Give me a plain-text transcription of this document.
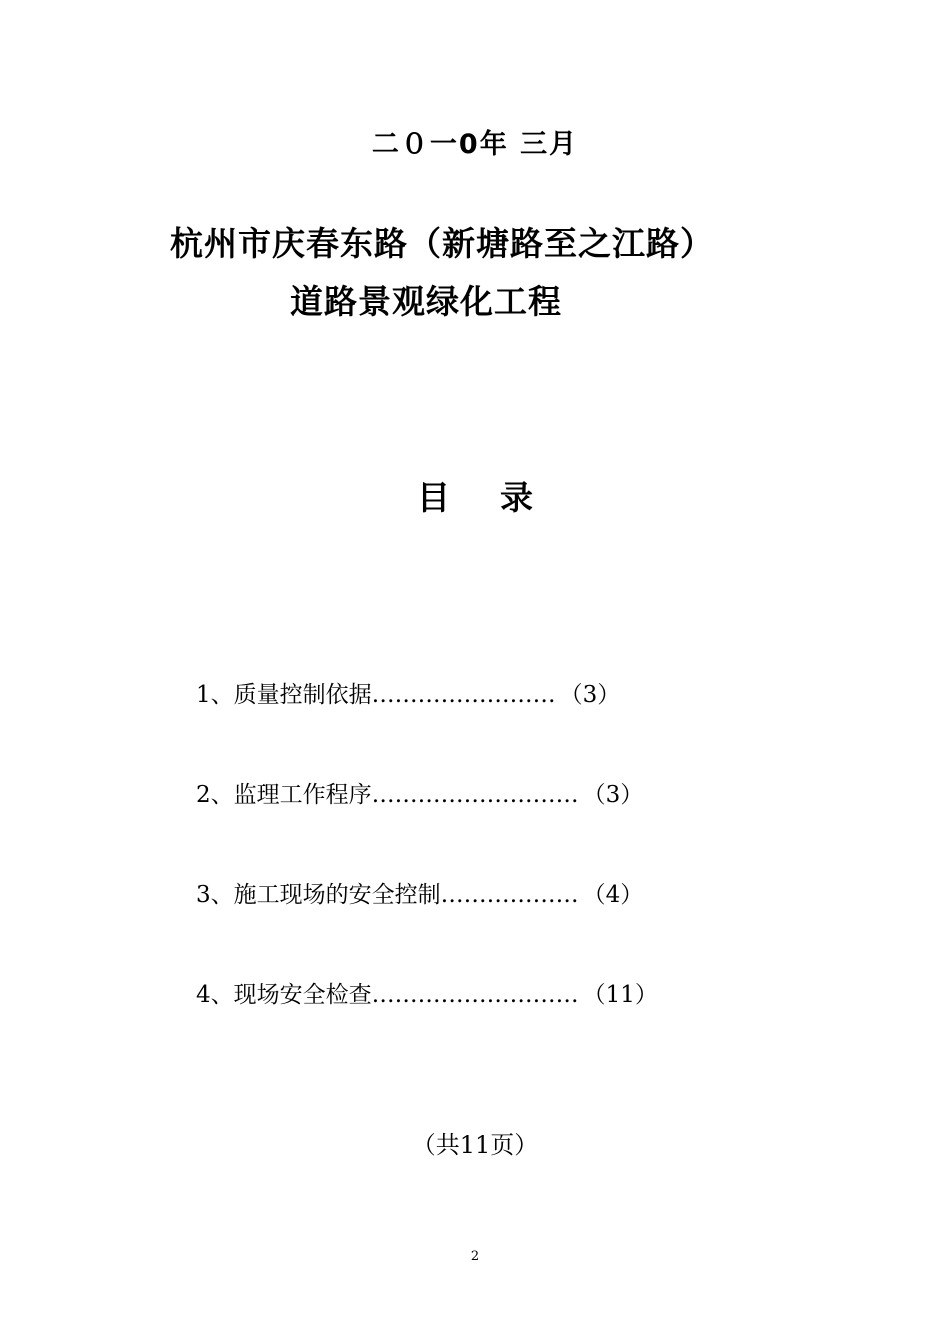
二０一0年 三月
杭州市庆春东路（新塘路至之江路）
道路景观绿化工程
目 录
1、质量控制依据 …………………… （3）
2、监理工作程序 ……………………… （3）
3、施工现场的安全控制 ……………… （4）
4、现场安全检查 ……………………… （11）
（共11页）
2
